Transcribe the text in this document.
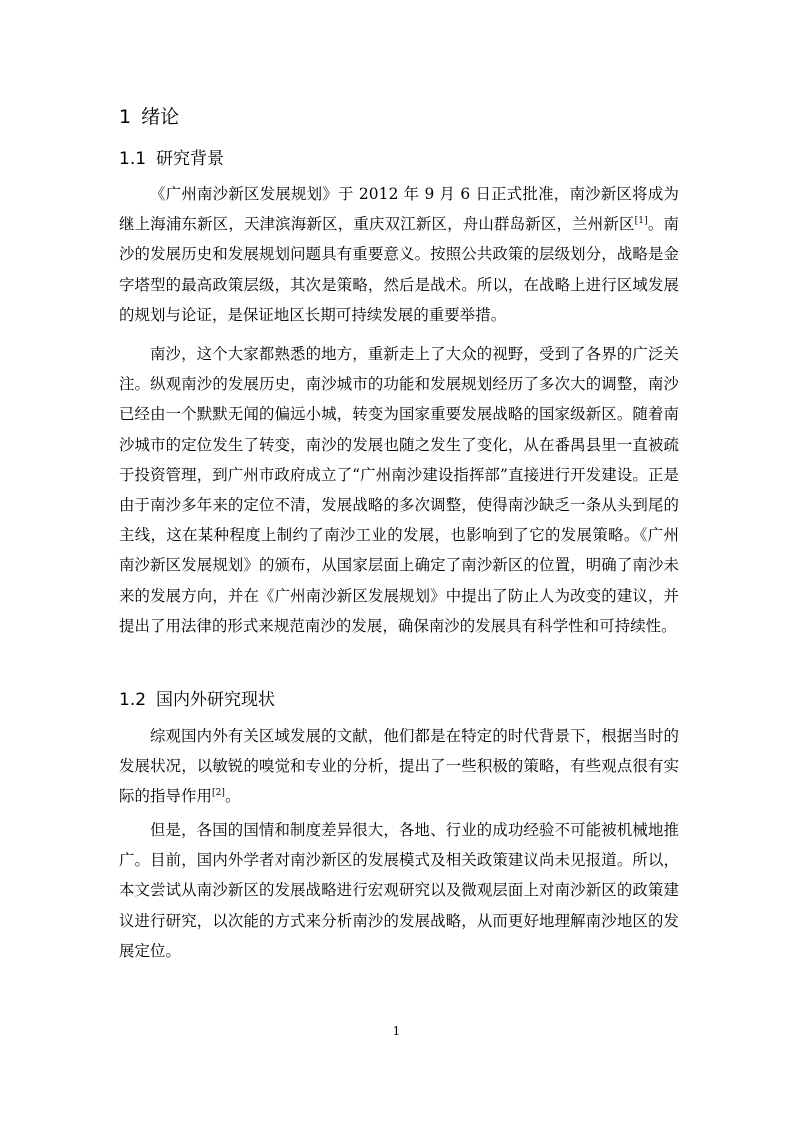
1 绪论
1.1 研究背景

《广州南沙新区发展规划》于 2012 年 9 月 6 日正式批准，南沙新区将成为继上海浦东新区，天津滨海新区，重庆双江新区，舟山群岛新区，兰州新区[1]。南沙的发展历史和发展规划问题具有重要意义。按照公共政策的层级划分，战略是金字塔型的最高政策层级，其次是策略，然后是战术。所以，在战略上进行区域发展的规划与论证，是保证地区长期可持续发展的重要举措。

南沙，这个大家都熟悉的地方，重新走上了大众的视野，受到了各界的广泛关注。纵观南沙的发展历史，南沙城市的功能和发展规划经历了多次大的调整，南沙已经由一个默默无闻的偏远小城，转变为国家重要发展战略的国家级新区。随着南沙城市的定位发生了转变，南沙的发展也随之发生了变化，从在番禺县里一直被疏于投资管理，到广州市政府成立了“广州南沙建设指挥部”直接进行开发建设。正是由于南沙多年来的定位不清，发展战略的多次调整，使得南沙缺乏一条从头到尾的主线，这在某种程度上制约了南沙工业的发展，也影响到了它的发展策略。《广州南沙新区发展规划》的颁布，从国家层面上确定了南沙新区的位置，明确了南沙未来的发展方向，并在《广州南沙新区发展规划》中提出了防止人为改变的建议，并提出了用法律的形式来规范南沙的发展，确保南沙的发展具有科学性和可持续性。

1.2 国内外研究现状

综观国内外有关区域发展的文献，他们都是在特定的时代背景下，根据当时的发展状况，以敏锐的嗅觉和专业的分析，提出了一些积极的策略，有些观点很有实际的指导作用[2]。

但是，各国的国情和制度差异很大，各地、行业的成功经验不可能被机械地推广。目前，国内外学者对南沙新区的发展模式及相关政策建议尚未见报道。所以，本文尝试从南沙新区的发展战略进行宏观研究以及微观层面上对南沙新区的政策建议进行研究，以次能的方式来分析南沙的发展战略，从而更好地理解南沙地区的发展定位。

1
